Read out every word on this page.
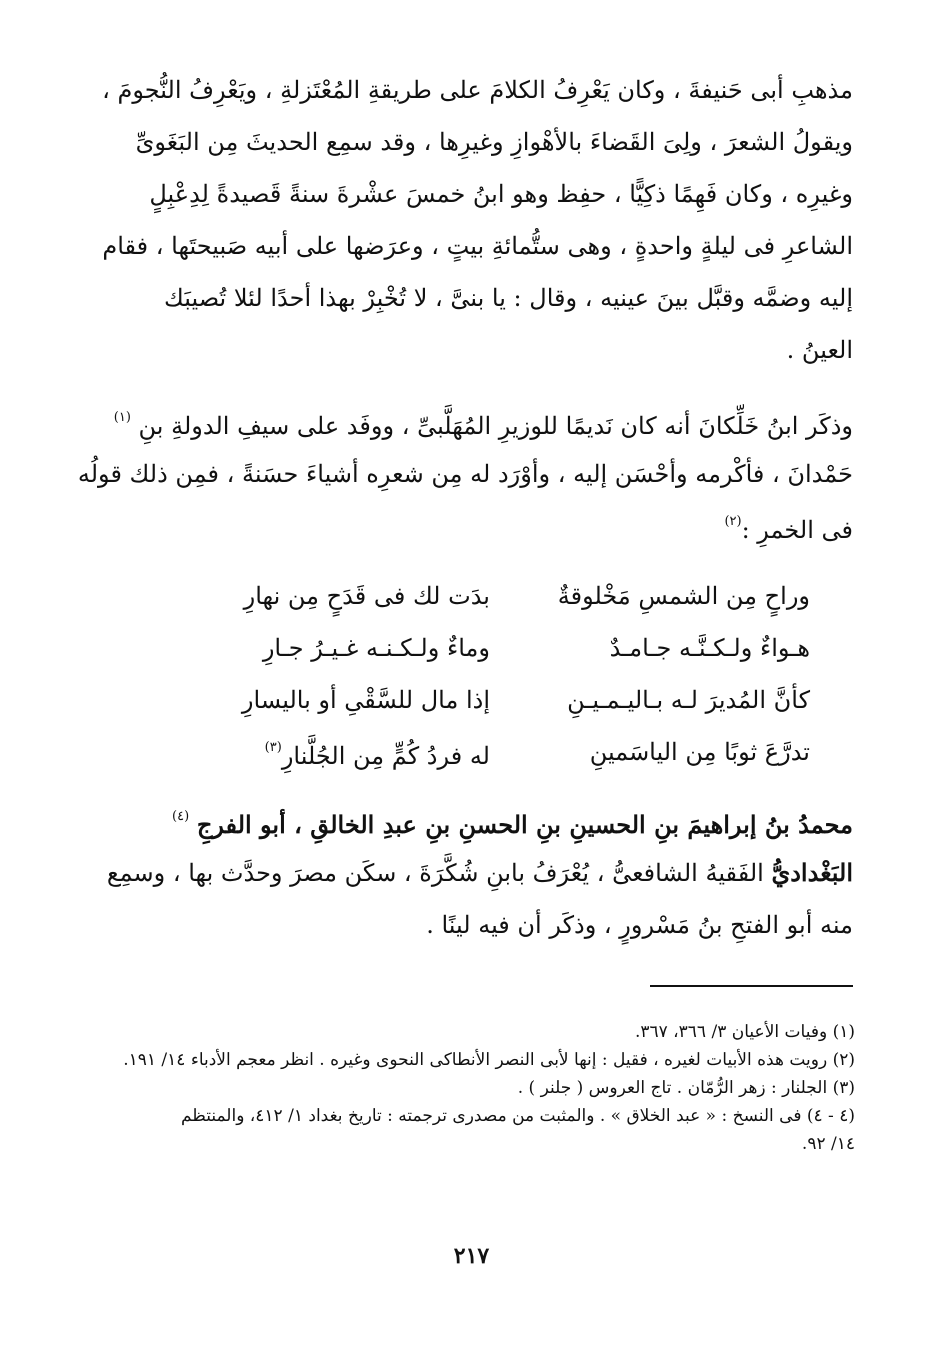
مذهبِ أبى حَنيفةَ ، وكان يَعْرِفُ الكلامَ على طريقةِ المُعْتَزلةِ ، ويَعْرِفُ النُّجومَ ،
ويقولُ الشعرَ ، ولِىَ القَضاءَ بالأهْوازِ وغيرِها ، وقد سمِع الحديثَ مِن البَغَوىِّ
وغيرِه ، وكان فَهِمًا ذكِيًّا ، حفِظ وهو ابنُ خمسَ عشْرةَ سنةً قَصيدةً لِدِعْبِلٍ
الشاعرِ فى ليلةٍ واحدةٍ ، وهى ستُّمائةِ بيتٍ ، وعرَضها على أبيه صَبيحتَها ، فقام
إليه وضمَّه وقبَّل بينَ عينيه ، وقال : يا بنىَّ ، لا تُخْبِرْ بهذا أحدًا لئلا تُصيبَك
العينُ .
وذكَر ابنُ خَلِّكانَ أنه كان نَديمًا للوزيرِ المُهَلَّبىِّ ، ووفَد على سيفِ الدولةِ بنِ $^{(١)}$
حَمْدانَ ، فأكْرمه وأحْسَن إليه ، وأوْرَد له مِن شعرِه أشياءَ حسَنةً ، فمِن ذلك قولُه
فى الخمرِ :$^{(٢)}$
وراحٍ مِن الشمسِ مَخْلوقةٌ
بدَت لك فى قَدَحٍ مِن نهارِ
هـواءٌ ولـكـنَّـه جـامـدٌ
وماءٌ ولـكـنـه غـيـرُ جـارِ
كأنَّ المُديرَ لـه بـاليـمـيـنِ
إذا مال للسَّقْىِ أو باليسارِ
تدرَّعَ ثوبًا مِن الياسَمينِ
له فردُ كُمٍّ مِن الجُلَّنارِ$^{(٣)}$
محمدُ بنُ إبراهيمَ بنِ الحسينِ بنِ الحسنِ بنِ عبدِ الخالقِ ، أبو الفرجِ $^{(٤)}$
البَغْداديُّ الفَقيهُ الشافعىُّ ، يُعْرَفُ بابنِ شُكَّرَةَ ، سكَن مصرَ وحدَّث بها ، وسمِع
منه أبو الفتحِ بنُ مَسْرورٍ ، وذكَر أن فيه لينًا .
(١) وفيات الأعيان ٣/ ٣٦٦، ٣٦٧.
(٢) رويت هذه الأبيات لغيره ، فقيل : إنها لأبى النصر الأنطاكى النحوى وغيره . انظر معجم الأدباء ١٤/ ١٩١.
(٣) الجلنار : زهر الرُّمّان . تاج العروس ( جلنر ) .
(٤ - ٤) فى النسخ : « عبد الخلاق » . والمثبت من مصدرى ترجمته : تاريخ بغداد ١/ ٤١٢، والمنتظم
١٤/ ٩٢.
٢١٧
